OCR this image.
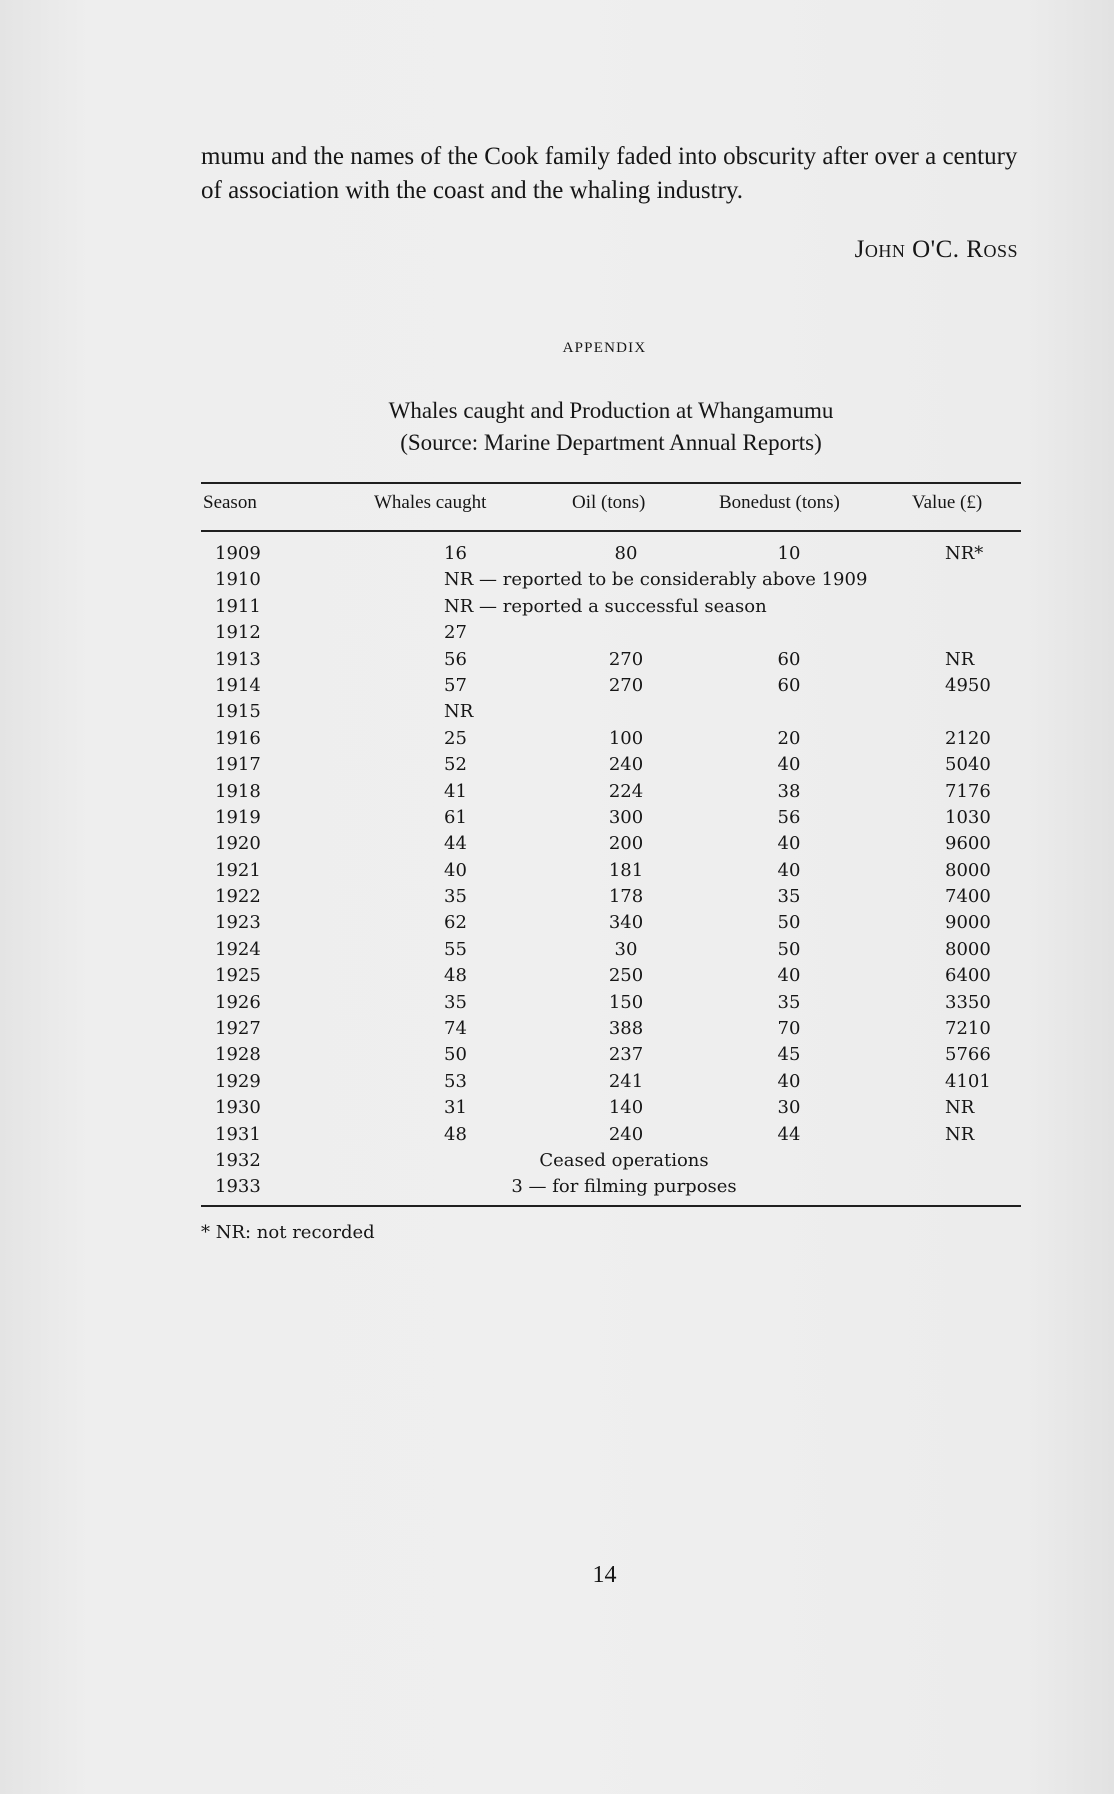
mumu and the names of the Cook family faded into obscurity after over a century of association with the coast and the whaling industry.

John O'C. Ross
APPENDIX
Whales caught and Production at Whangamumu
(Source: Marine Department Annual Reports)
Season	Whales caught	Oil (tons)	Bonedust (tons)	Value (£)
1909	16	80	10	NR*
1910	NR — reported to be considerably above 1909
1911	NR — reported a successful season
1912	27
1913	56	270	60	NR
1914	57	270	60	4950
1915	NR
1916	25	100	20	2120
1917	52	240	40	5040
1918	41	224	38	7176
1919	61	300	56	1030
1920	44	200	40	9600
1921	40	181	40	8000
1922	35	178	35	7400
1923	62	340	50	9000
1924	55	30	50	8000
1925	48	250	40	6400
1926	35	150	35	3350
1927	74	388	70	7210
1928	50	237	45	5766
1929	53	241	40	4101
1930	31	140	30	NR
1931	48	240	44	NR
1932	Ceased operations
1933	3 — for filming purposes
* NR: not recorded
14
